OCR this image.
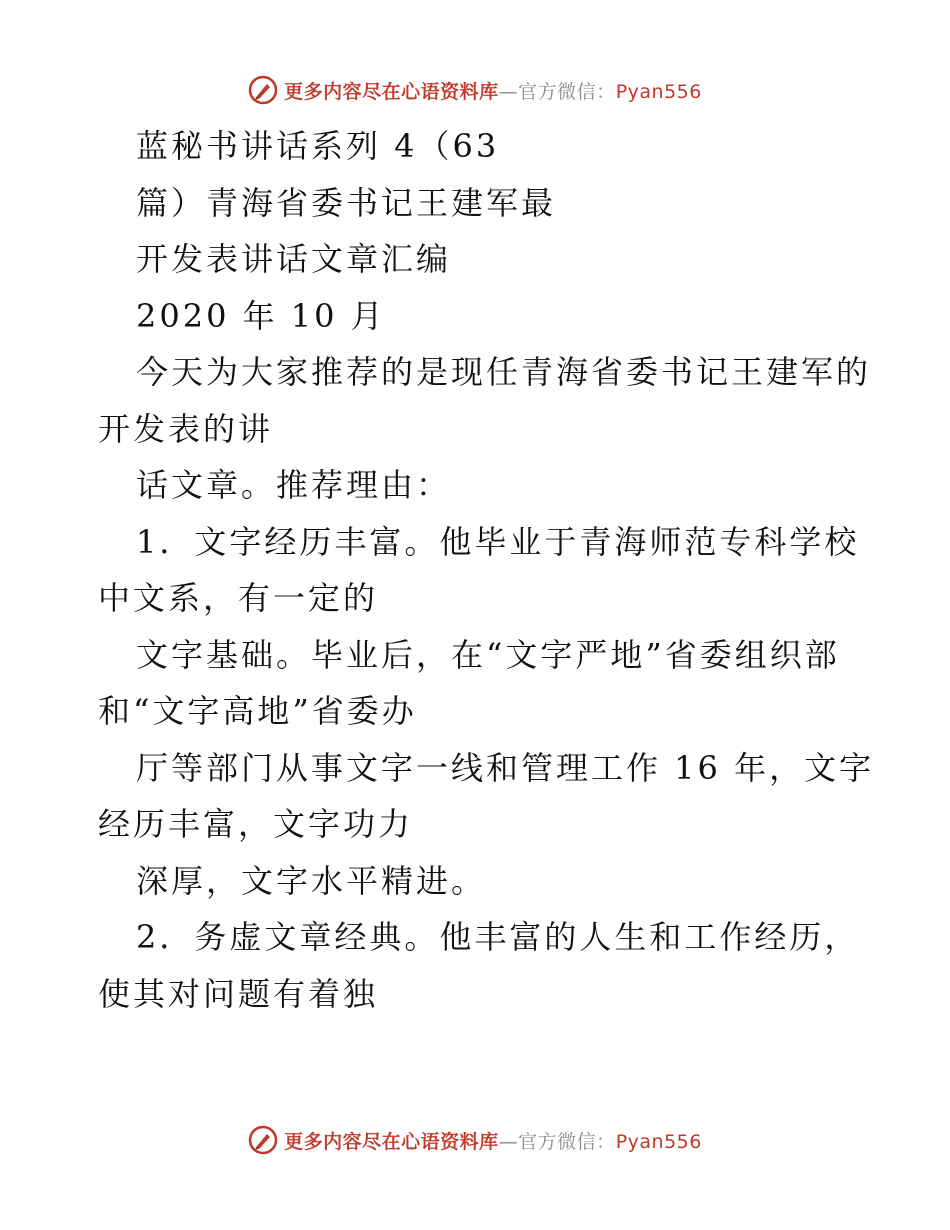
更多内容尽在心语资料库—官方微信：Pyan556
蓝秘书讲话系列 4（63
篇）青海省委书记王建军最
开发表讲话文章汇编
2020 年 10 月
今天为大家推荐的是现任青海省委书记王建军的
开发表的讲
话文章。推荐理由：
1．文字经历丰富。他毕业于青海师范专科学校
中文系，有一定的
文字基础。毕业后，在“文字严地”省委组织部
和“文字高地”省委办
厅等部门从事文字一线和管理工作 16 年，文字
经历丰富，文字功力
深厚，文字水平精进。
2．务虚文章经典。他丰富的人生和工作经历，
使其对问题有着独
更多内容尽在心语资料库—官方微信：Pyan556
